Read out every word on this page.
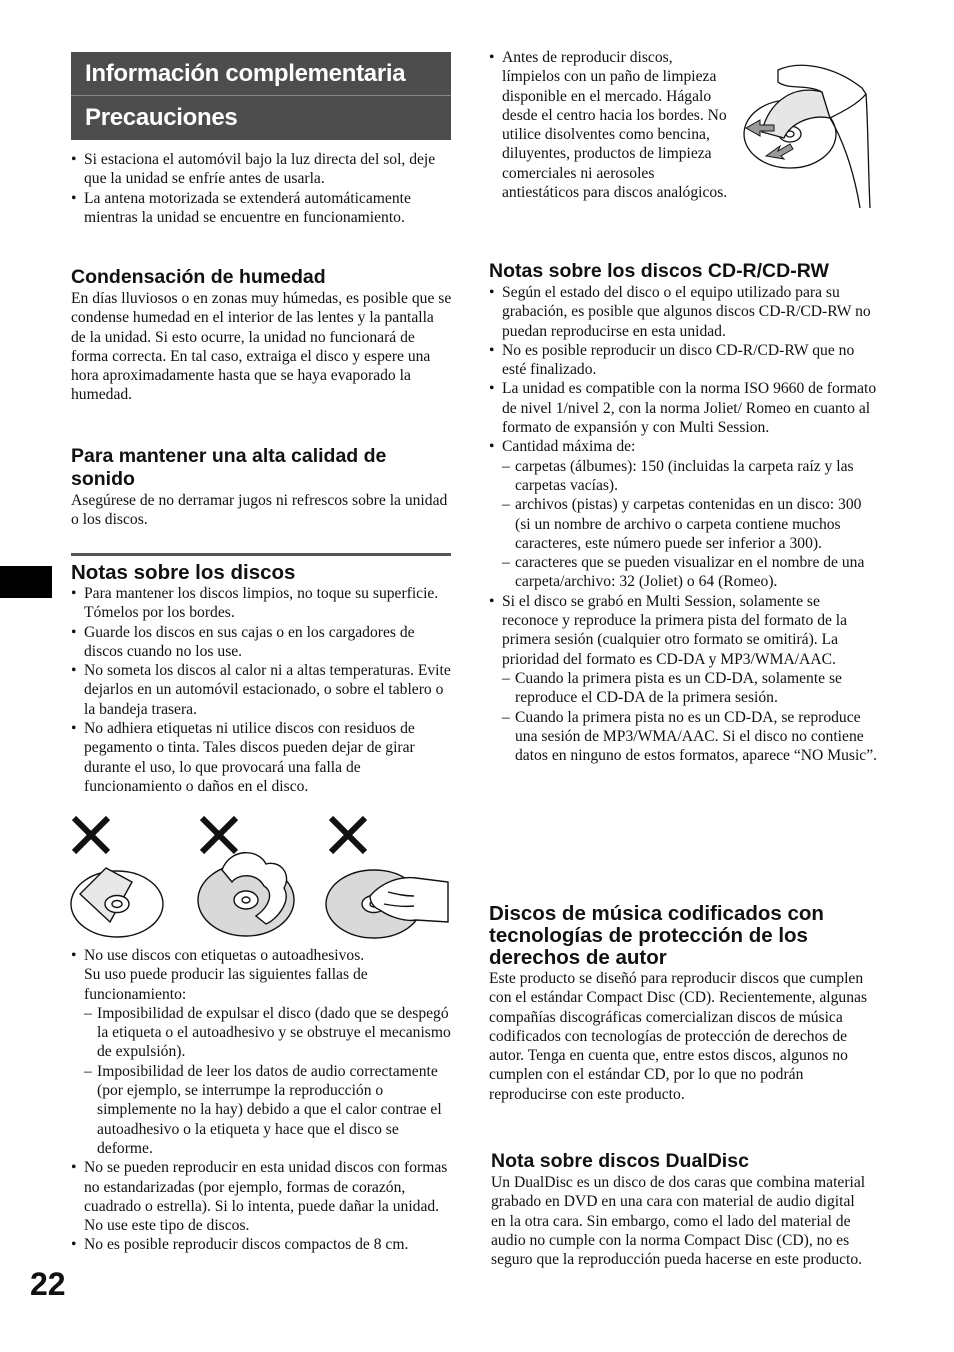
Información complementaria
Precauciones
• Si estaciona el automóvil bajo la luz directa del sol, deje que la unidad se enfríe antes de usarla.
• La antena motorizada se extenderá automáticamente mientras la unidad se encuentre en funcionamiento.
Condensación de humedad

En días lluviosos o en zonas muy húmedas, es posible que se condense humedad en el interior de las lentes y la pantalla de la unidad. Si esto ocurre, la unidad no funcionará de forma correcta. En tal caso, extraiga el disco y espere una hora aproximadamente hasta que se haya evaporado la humedad.

Para mantener una alta calidad de sonido

Asegúrese de no derramar jugos ni refrescos sobre la unidad o los discos.

Notas sobre los discos
• Para mantener los discos limpios, no toque su superficie. Tómelos por los bordes.
• Guarde los discos en sus cajas o en los cargadores de discos cuando no los use.
• No someta los discos al calor ni a altas temperaturas. Evite dejarlos en un automóvil estacionado, o sobre el tablero o la bandeja trasera.
• No adhiera etiquetas ni utilice discos con residuos de pegamento o tinta. Tales discos pueden dejar de girar durante el uso, lo que provocará una falla de funcionamiento o daños en el disco.
• No use discos con etiquetas o autoadhesivos.
Su uso puede producir las siguientes fallas de funcionamiento:
– Imposibilidad de expulsar el disco (dado que se despegó la etiqueta o el autoadhesivo y se obstruye el mecanismo de expulsión).
– Imposibilidad de leer los datos de audio correctamente (por ejemplo, se interrumpe la reproducción o simplemente no la hay) debido a que el calor contrae el autoadhesivo o la etiqueta y hace que el disco se deforme.
• No se pueden reproducir en esta unidad discos con formas no estandarizadas (por ejemplo, formas de corazón, cuadrado o estrella). Si lo intenta, puede dañar la unidad. No use este tipo de discos.
• No es posible reproducir discos compactos de 8 cm.
22
• Antes de reproducir discos, límpielos con un paño de limpieza disponible en el mercado. Hágalo desde el centro hacia los bordes. No utilice disolventes como bencina, diluyentes, productos de limpieza comerciales ni aerosoles antiestáticos para discos analógicos.
Notas sobre los discos CD-R/CD-RW
• Según el estado del disco o el equipo utilizado para su grabación, es posible que algunos discos CD-R/CD-RW no puedan reproducirse en esta unidad.
• No es posible reproducir un disco CD-R/CD-RW que no esté finalizado.
• La unidad es compatible con la norma ISO 9660 de formato de nivel 1/nivel 2, con la norma Joliet/ Romeo en cuanto al formato de expansión y con Multi Session.
• Cantidad máxima de:
– carpetas (álbumes): 150 (incluidas la carpeta raíz y las carpetas vacías).
– archivos (pistas) y carpetas contenidas en un disco: 300 (si un nombre de archivo o carpeta contiene muchos caracteres, este número puede ser inferior a 300).
– caracteres que se pueden visualizar en el nombre de una carpeta/archivo: 32 (Joliet) o 64 (Romeo).
• Si el disco se grabó en Multi Session, solamente se reconoce y reproduce la primera pista del formato de la primera sesión (cualquier otro formato se omitirá). La prioridad del formato es CD-DA y MP3/WMA/AAC.
– Cuando la primera pista es un CD-DA, solamente se reproduce el CD-DA de la primera sesión.
– Cuando la primera pista no es un CD-DA, se reproduce una sesión de MP3/WMA/AAC. Si el disco no contiene datos en ninguno de estos formatos, aparece “NO Music”.
Discos de música codificados con tecnologías de protección de los derechos de autor

Este producto se diseñó para reproducir discos que cumplen con el estándar Compact Disc (CD). Recientemente, algunas compañías discográficas comercializan discos de música codificados con tecnologías de protección de derechos de autor. Tenga en cuenta que, entre estos discos, algunos no cumplen con el estándar CD, por lo que no podrán reproducirse con este producto.

Nota sobre discos DualDisc

Un DualDisc es un disco de dos caras que combina material grabado en DVD en una cara con material de audio digital en la otra cara. Sin embargo, como el lado del material de audio no cumple con la norma Compact Disc (CD), no es seguro que la reproducción pueda hacerse en este producto.
